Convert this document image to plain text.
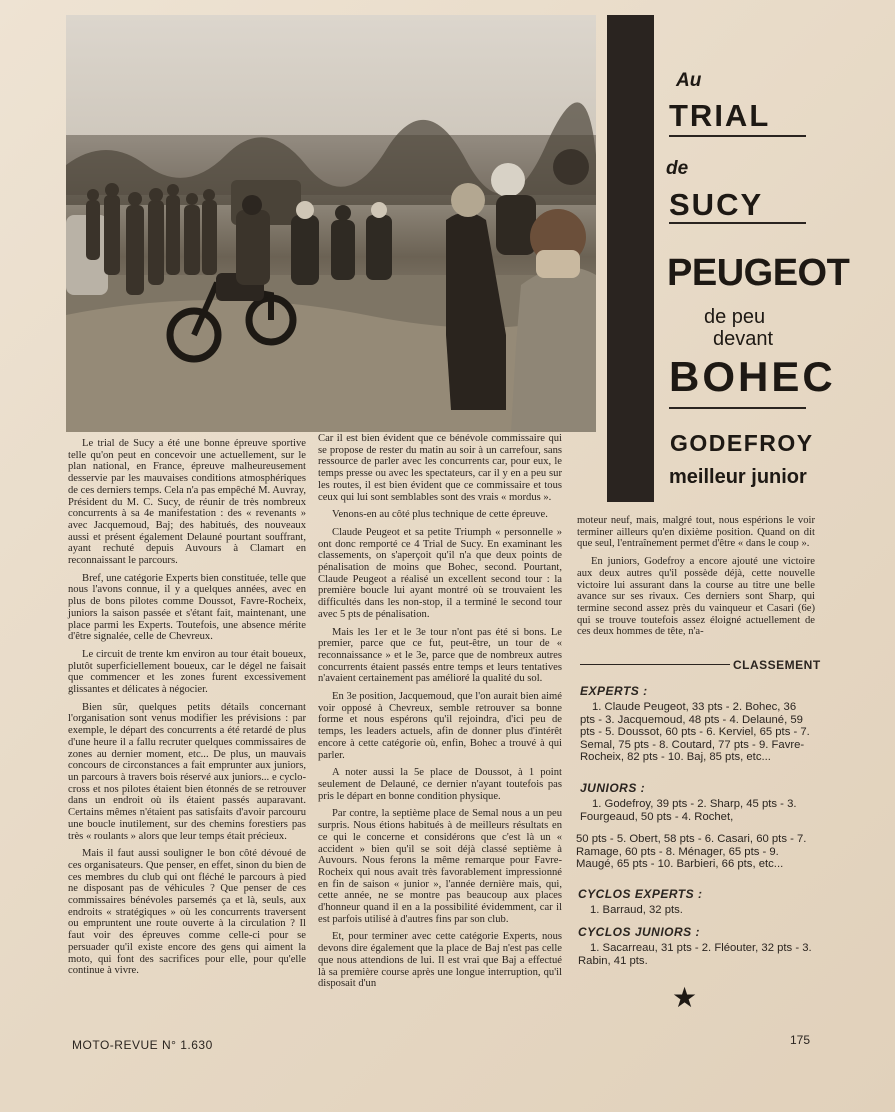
Au
TRIAL
de
SUCY
PEUGEOT
de peu
devant
BOHEC
GODEFROY
meilleur junior

Le trial de Sucy a été une bonne épreuve sportive telle qu'on peut en concevoir une actuellement, sur le plan national, en France, épreuve malheureusement desservie par les mauvaises conditions atmosphériques de ces derniers temps. Cela n'a pas empêché M. Auvray, Président du M. C. Sucy, de réunir de très nombreux concurrents à sa 4e manifestation : des « revenants » avec Jacquemoud, Baj; des habitués, des nouveaux aussi et présent également Delauné pourtant souffrant, ayant rechuté depuis Auvours à Clamart en reconnaissant le parcours.

Bref, une catégorie Experts bien constituée, telle que nous l'avons connue, il y a quelques années, avec en plus de bons pilotes comme Doussot, Favre-Rocheix, juniors la saison passée et s'étant fait, maintenant, une place parmi les Experts. Toutefois, une absence mérite d'être signalée, celle de Chevreux.

Le circuit de trente km environ au tour était boueux, plutôt superficiellement boueux, car le dégel ne faisait que commencer et les zones furent excessivement glissantes et délicates à négocier.

Bien sûr, quelques petits détails concernant l'organisation sont venus modifier les prévisions : par exemple, le départ des concurrents a été retardé de plus d'une heure il a fallu recruter quelques commissaires de zones au dernier moment, etc... De plus, un mauvais concours de circonstances a fait emprunter aux juniors, un parcours à travers bois réservé aux juniors... e cyclo-cross et nos pilotes étaient bien étonnés de se retrouver dans un endroit où ils étaient passés auparavant. Certains mêmes n'étaient pas satisfaits d'avoir parcouru une boucle inutilement, sur des chemins forestiers pas très « roulants » alors que leur temps était précieux.

Mais il faut aussi souligner le bon côté dévoué de ces organisateurs. Que penser, en effet, sinon du bien de ces membres du club qui ont fléché le parcours à pied ne disposant pas de véhicules ? Que penser de ces commissaires bénévoles parsemés ça et là, seuls, aux endroits « stratégiques » où les concurrents traversent ou empruntent une route ouverte à la circulation ? Il faut voir des épreuves comme celle-ci pour se persuader qu'il existe encore des gens qui aiment la moto, qui font des sacrifices pour elle, pour qu'elle continue à vivre.

Car il est bien évident que ce bénévole commissaire qui se propose de rester du matin au soir à un carrefour, sans ressource de parler avec les concurrents car, pour eux, le temps presse ou avec les spectateurs, car il y en a peu sur les routes, il est bien évident que ce commissaire et tous ceux qui lui sont semblables sont des vrais « mordus ».

Venons-en au côté plus technique de cette épreuve.

Claude Peugeot et sa petite Triumph « personnelle » ont donc remporté ce 4 Trial de Sucy. En examinant les classements, on s'aperçoit qu'il n'a que deux points de pénalisation de moins que Bohec, second. Pourtant, Claude Peugeot a réalisé un excellent second tour : la première boucle lui ayant montré où se trouvaient les difficultés dans les non-stop, il a terminé le second tour avec 5 pts de pénalisation.

Mais les 1er et le 3e tour n'ont pas été si bons. Le premier, parce que ce fut, peut-être, un tour de « reconnaissance » et le 3e, parce que de nombreux autres concurrents étaient passés entre temps et leurs tentatives n'avaient certainement pas amélioré la qualité du sol.

En 3e position, Jacquemoud, que l'on aurait bien aimé voir opposé à Chevreux, semble retrouver sa bonne forme et nous espérons qu'il rejoindra, d'ici peu de temps, les leaders actuels, afin de donner plus d'intérêt encore à cette catégorie où, enfin, Bohec a trouvé à qui parler.

A noter aussi la 5e place de Doussot, à 1 point seulement de Delauné, ce dernier n'ayant toutefois pas pris le départ en bonne condition physique.

Par contre, la septième place de Semal nous a un peu surpris. Nous étions habitués à de meilleurs résultats en ce qui le concerne et considérons que c'est là un « accident » bien qu'il se soit déjà classé septième à Auvours. Nous ferons la même remarque pour Favre-Rocheix qui nous avait très favorablement impressionné en fin de saison « junior », l'année dernière mais, qui, cette année, ne se montre pas beaucoup aux places d'honneur quand il en a la possibilité évidemment, car il est parfois utilisé à d'autres fins par son club.

Et, pour terminer avec cette catégorie Experts, nous devons dire également que la place de Baj n'est pas celle que nous attendions de lui. Il est vrai que Baj a effectué là sa première course après une longue interruption, qu'il disposait d'un

moteur neuf, mais, malgré tout, nous espérions le voir terminer ailleurs qu'en dixième position. Quand on dit que seul, l'entraînement permet d'être « dans le coup ».

En juniors, Godefroy a encore ajouté une victoire aux deux autres qu'il possède déjà, cette nouvelle victoire lui assurant dans la course au titre une belle avance sur ses rivaux. Ces derniers sont Sharp, qui termine second assez près du vainqueur et Casari (6e) qui se trouve toutefois assez éloigné actuellement de ces deux hommes de tête, n'a-

CLASSEMENT
EXPERTS :
1. Claude Peugeot, 33 pts - 2. Bohec, 36 pts - 3. Jacquemoud, 48 pts - 4. Delauné, 59 pts - 5. Doussot, 60 pts - 6. Kerviel, 65 pts - 7. Semal, 75 pts - 8. Coutard, 77 pts - 9. Favre-Rocheix, 82 pts - 10. Baj, 85 pts, etc...
JUNIORS :
1. Godefroy, 39 pts - 2. Sharp, 45 pts - 3. Fourgeaud, 50 pts - 4. Rochet,
50 pts - 5. Obert, 58 pts - 6. Casari, 60 pts - 7. Ramage, 60 pts - 8. Ménager, 65 pts - 9. Maugé, 65 pts - 10. Barbieri, 66 pts, etc...
CYCLOS EXPERTS :
1. Barraud, 32 pts.
CYCLOS JUNIORS :
1. Sacarreau, 31 pts - 2. Fléouter, 32 pts - 3. Rabin, 41 pts.
★
MOTO-REVUE N° 1.630	175
